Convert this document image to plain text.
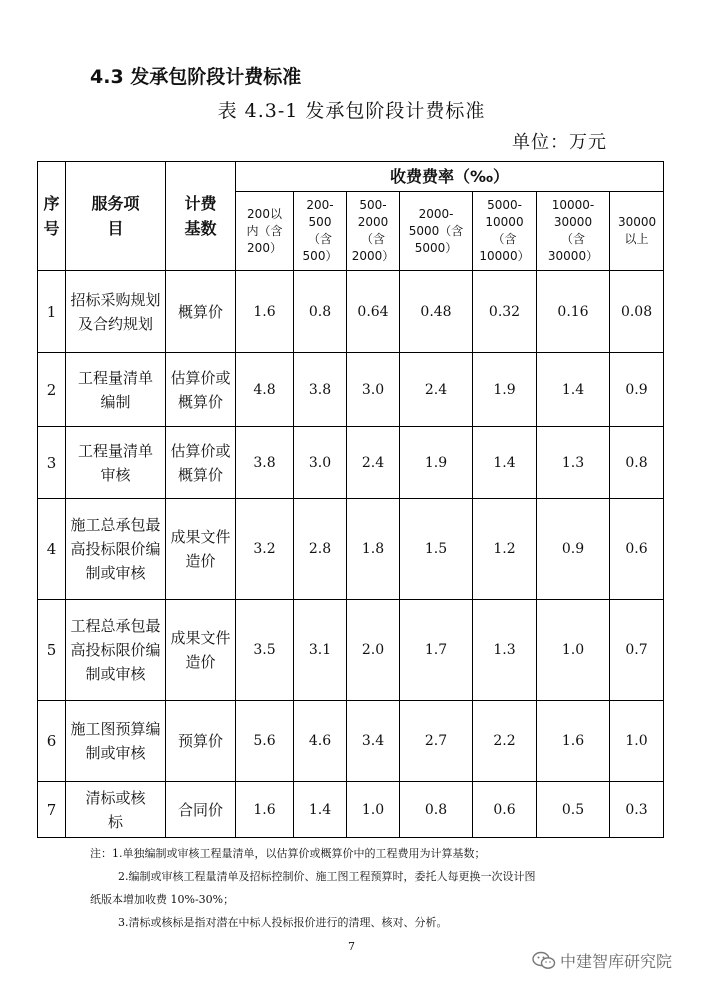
4.3 发承包阶段计费标准
表 4.3-1 发承包阶段计费标准
单位：万元
序号	服务项目	计费基数	收费费率（‰）						
			200以内（含200）	200-500（含500）	500-2000（含2000）	2000-5000（含5000）	5000-10000（含10000）	10000-30000（含30000）	30000以上
1	招标采购规划及合约规划	概算价	1.6	0.8	0.64	0.48	0.32	0.16	0.08
2	工程量清单编制	估算价或概算价	4.8	3.8	3.0	2.4	1.9	1.4	0.9
3	工程量清单审核	估算价或概算价	3.8	3.0	2.4	1.9	1.4	1.3	0.8
4	施工总承包最高投标限价编制或审核	成果文件造价	3.2	2.8	1.8	1.5	1.2	0.9	0.6
5	工程总承包最高投标限价编制或审核	成果文件造价	3.5	3.1	2.0	1.7	1.3	1.0	0.7
6	施工图预算编制或审核	预算价	5.6	4.6	3.4	2.7	2.2	1.6	1.0
7	清标或核标	合同价	1.6	1.4	1.0	0.8	0.6	0.5	0.3
注：1.单独编制或审核工程量清单，以估算价或概算价中的工程费用为计算基数；
2.编制或审核工程量清单及招标控制价、施工图工程预算时，委托人每更换一次设计图
纸版本增加收费 10%-30%；
3.清标或核标是指对潜在中标人投标报价进行的清理、核对、分析。
7
中建智库研究院
